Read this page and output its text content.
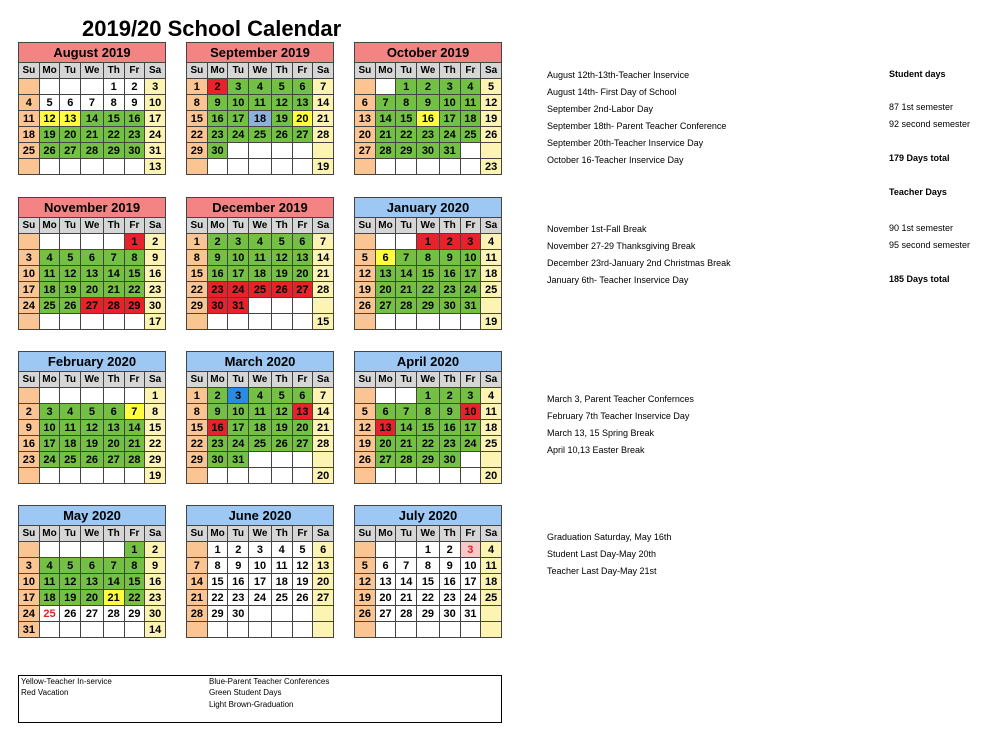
2019/20 School Calendar
August 2019						
Su	Mo	Tu	We	Th	Fr	Sa
				1	2	3
4	5	6	7	8	9	10
11	12	13	14	15	16	17
18	19	20	21	22	23	24
25	26	27	28	29	30	31
						13
September 2019						
Su	Mo	Tu	We	Th	Fr	Sa
1	2	3	4	5	6	7
8	9	10	11	12	13	14
15	16	17	18	19	20	21
22	23	24	25	26	27	28
29	30					
						19
October 2019						
Su	Mo	Tu	We	Th	Fr	Sa
		1	2	3	4	5
6	7	8	9	10	11	12
13	14	15	16	17	18	19
20	21	22	23	24	25	26
27	28	29	30	31		
						23
November 2019						
Su	Mo	Tu	We	Th	Fr	Sa
					1	2
3	4	5	6	7	8	9
10	11	12	13	14	15	16
17	18	19	20	21	22	23
24	25	26	27	28	29	30
						17
December 2019						
Su	Mo	Tu	We	Th	Fr	Sa
1	2	3	4	5	6	7
8	9	10	11	12	13	14
15	16	17	18	19	20	21
22	23	24	25	26	27	28
29	30	31				
						15
January 2020						
Su	Mo	Tu	We	Th	Fr	Sa
			1	2	3	4
5	6	7	8	9	10	11
12	13	14	15	16	17	18
19	20	21	22	23	24	25
26	27	28	29	30	31	
						19
February 2020						
Su	Mo	Tu	We	Th	Fr	Sa
						1
2	3	4	5	6	7	8
9	10	11	12	13	14	15
16	17	18	19	20	21	22
23	24	25	26	27	28	29
						19
March 2020						
Su	Mo	Tu	We	Th	Fr	Sa
1	2	3	4	5	6	7
8	9	10	11	12	13	14
15	16	17	18	19	20	21
22	23	24	25	26	27	28
29	30	31				
						20
April 2020						
Su	Mo	Tu	We	Th	Fr	Sa
			1	2	3	4
5	6	7	8	9	10	11
12	13	14	15	16	17	18
19	20	21	22	23	24	25
26	27	28	29	30		
						20
May 2020						
Su	Mo	Tu	We	Th	Fr	Sa
					1	2
3	4	5	6	7	8	9
10	11	12	13	14	15	16
17	18	19	20	21	22	23
24	25	26	27	28	29	30
31						14
June 2020						
Su	Mo	Tu	We	Th	Fr	Sa
	1	2	3	4	5	6
7	8	9	10	11	12	13
14	15	16	17	18	19	20
21	22	23	24	25	26	27
28	29	30				

July 2020						
Su	Mo	Tu	We	Th	Fr	Sa
			1	2	3	4
5	6	7	8	9	10	11
12	13	14	15	16	17	18
19	20	21	22	23	24	25
26	27	28	29	30	31	

August 12th-13th-Teacher Inservice
August 14th- First Day of School
September 2nd-Labor Day
September 18th- Parent Teacher Conference
September 20th-Teacher Inservice Day
October 16-Teacher Inservice Day
November 1st-Fall Break
November 27-29 Thanksgiving Break
December 23rd-January 2nd Christmas Break
January 6th- Teacher Inservice Day
March 3, Parent Teacher Confernces
February 7th Teacher Inservice Day
March 13, 15 Spring Break
April 10,13 Easter Break
Graduation Saturday, May 16th
Student Last Day-May 20th
Teacher Last Day-May 21st
Student days
87 1st semester
92 second semester
179 Days total
Teacher Days
90 1st semester
95 second semester
185 Days total
Yellow-Teacher In-service
Red Vacation
Blue-Parent Teacher Conferences
Green Student Days
Light Brown-Graduation
